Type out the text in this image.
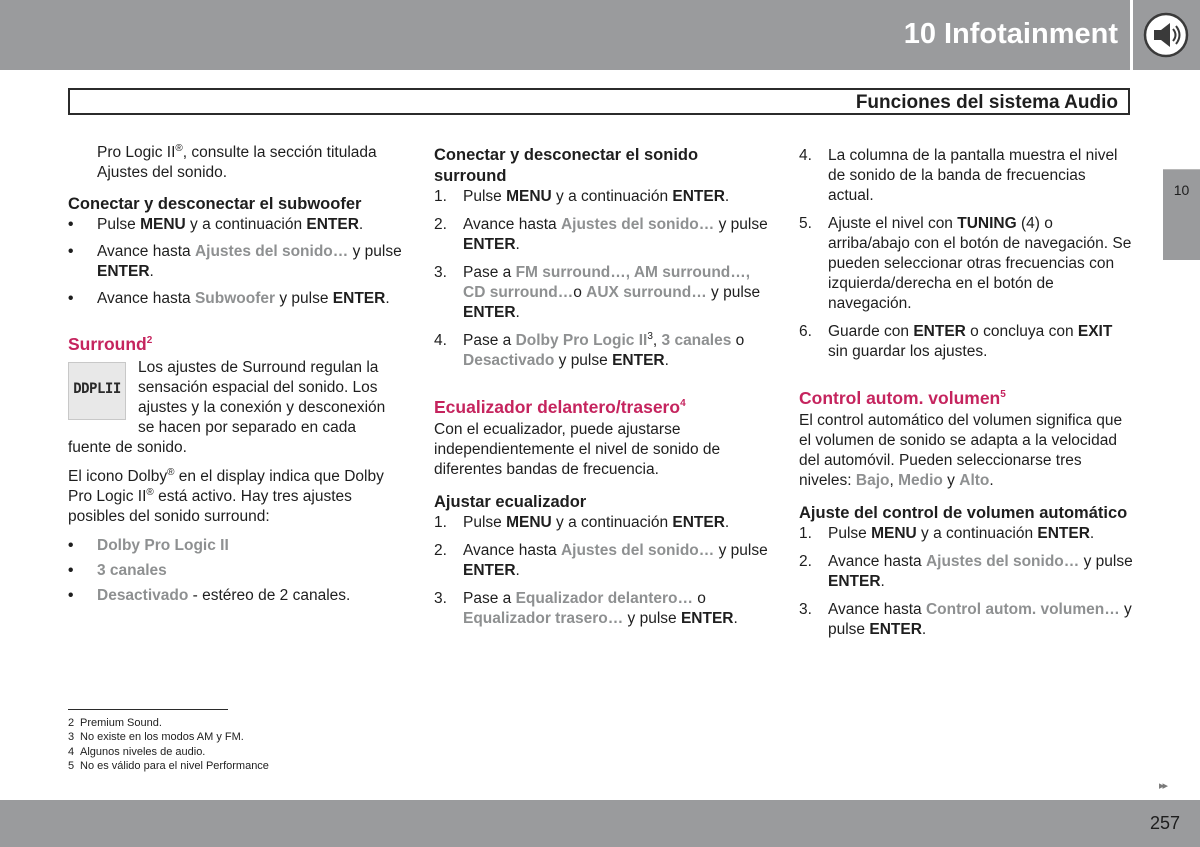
10 Infotainment
Funciones del sistema Audio
10

Pro Logic II®, consulte la sección titulada
Ajustes del sonido.

Conectar y desconectar el subwoofer

• Pulse MENU y a continuación ENTER.
• Avance hasta Ajustes del sonido… y pulse ENTER.
• Avance hasta Subwoofer y pulse ENTER.

Surround$^2$

DDPLII

Los ajustes de Surround regulan la sensación espacial del sonido. Los ajustes y la conexión y desconexión se hacen por separado en cada fuente de sonido.

El icono Dolby® en el display indica que Dolby Pro Logic II® está activo. Hay tres ajustes posibles del sonido surround:

• Dolby Pro Logic II
• 3 canales
• Desactivado - estéreo de 2 canales.

Conectar y desconectar el sonido surround

1. Pulse MENU y a continuación ENTER.
2. Avance hasta Ajustes del sonido… y pulse ENTER.
3. Pase a FM surround…, AM surround…, CD surround…o AUX surround… y pulse ENTER.
4. Pase a Dolby Pro Logic $II^3$, 3 canales o Desactivado y pulse ENTER.

Ecualizador delantero/trasero$^4$

Con el ecualizador, puede ajustarse independientemente el nivel de sonido de diferentes bandas de frecuencia.

Ajustar ecualizador

1. Pulse MENU y a continuación ENTER.
2. Avance hasta Ajustes del sonido… y pulse ENTER.
3. Pase a Equalizador delantero… o Equalizador trasero… y pulse ENTER.
4. La columna de la pantalla muestra el nivel de sonido de la banda de frecuencias actual.
5. Ajuste el nivel con TUNING (4) o arriba/abajo con el botón de navegación. Se pueden seleccionar otras frecuencias con izquierda/derecha en el botón de navegación.
6. Guarde con ENTER o concluya con EXIT sin guardar los ajustes.

Control autom. volumen$^5$

El control automático del volumen significa que el volumen de sonido se adapta a la velocidad del automóvil. Pueden seleccionarse tres niveles: Bajo, Medio y Alto.

Ajuste del control de volumen automático

1. Pulse MENU y a continuación ENTER.
2. Avance hasta Ajustes del sonido… y pulse ENTER.
3. Avance hasta Control autom. volumen… y pulse ENTER.
2 Premium Sound.
3 No existe en los modos AM y FM.
4 Algunos niveles de audio.
5 No es válido para el nivel Performance
▸▸
257
